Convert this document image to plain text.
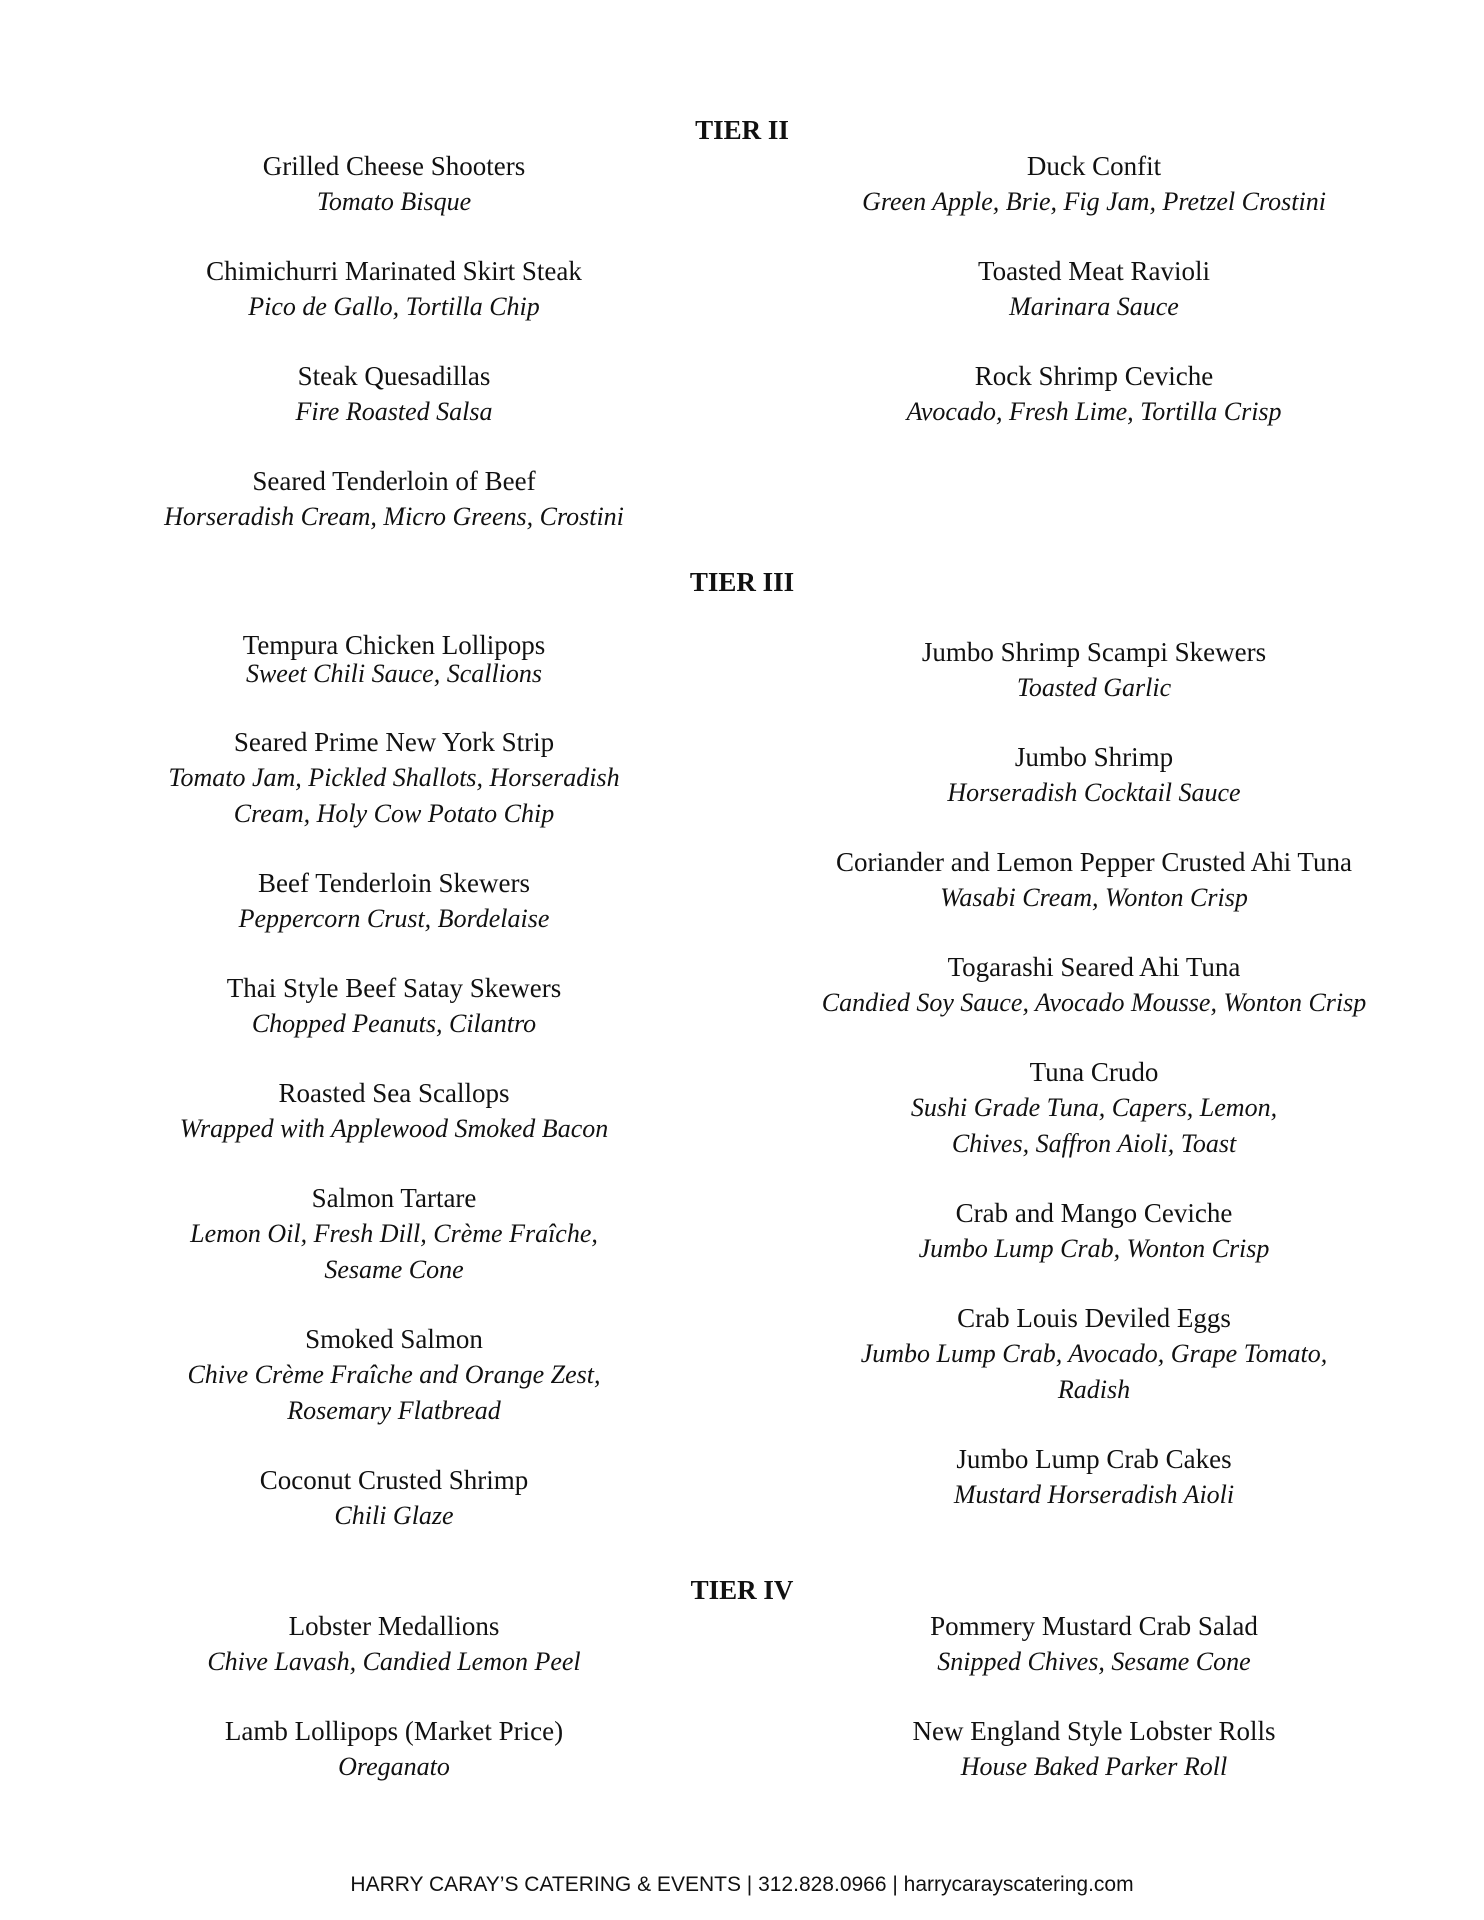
TIER II
Grilled Cheese Shooters
Tomato Bisque
Chimichurri Marinated Skirt Steak
Pico de Gallo, Tortilla Chip
Steak Quesadillas
Fire Roasted Salsa
Seared Tenderloin of Beef
Horseradish Cream, Micro Greens, Crostini
Duck Confit
Green Apple, Brie, Fig Jam, Pretzel Crostini
Toasted Meat Ravioli
Marinara Sauce
Rock Shrimp Ceviche
Avocado, Fresh Lime, Tortilla Crisp
TIER III
Tempura Chicken Lollipops
Sweet Chili Sauce, Scallions
Seared Prime New York Strip
Tomato Jam, Pickled Shallots, Horseradish Cream, Holy Cow Potato Chip
Beef Tenderloin Skewers
Peppercorn Crust, Bordelaise
Thai Style Beef Satay Skewers
Chopped Peanuts, Cilantro
Roasted Sea Scallops
Wrapped with Applewood Smoked Bacon
Salmon Tartare
Lemon Oil, Fresh Dill, Crème Fraîche, Sesame Cone
Smoked Salmon
Chive Crème Fraîche and Orange Zest, Rosemary Flatbread
Coconut Crusted Shrimp
Chili Glaze
Jumbo Shrimp Scampi Skewers
Toasted Garlic
Jumbo Shrimp
Horseradish Cocktail Sauce
Coriander and Lemon Pepper Crusted Ahi Tuna
Wasabi Cream, Wonton Crisp
Togarashi Seared Ahi Tuna
Candied Soy Sauce, Avocado Mousse, Wonton Crisp
Tuna Crudo
Sushi Grade Tuna, Capers, Lemon, Chives, Saffron Aioli, Toast
Crab and Mango Ceviche
Jumbo Lump Crab, Wonton Crisp
Crab Louis Deviled Eggs
Jumbo Lump Crab, Avocado, Grape Tomato, Radish
Jumbo Lump Crab Cakes
Mustard Horseradish Aioli
TIER IV
Lobster Medallions
Chive Lavash, Candied Lemon Peel
Lamb Lollipops (Market Price)
Oreganato
Pommery Mustard Crab Salad
Snipped Chives, Sesame Cone
New England Style Lobster Rolls
House Baked Parker Roll
HARRY CARAY’S CATERING & EVENTS | 312.828.0966 | harrycarayscatering.com
